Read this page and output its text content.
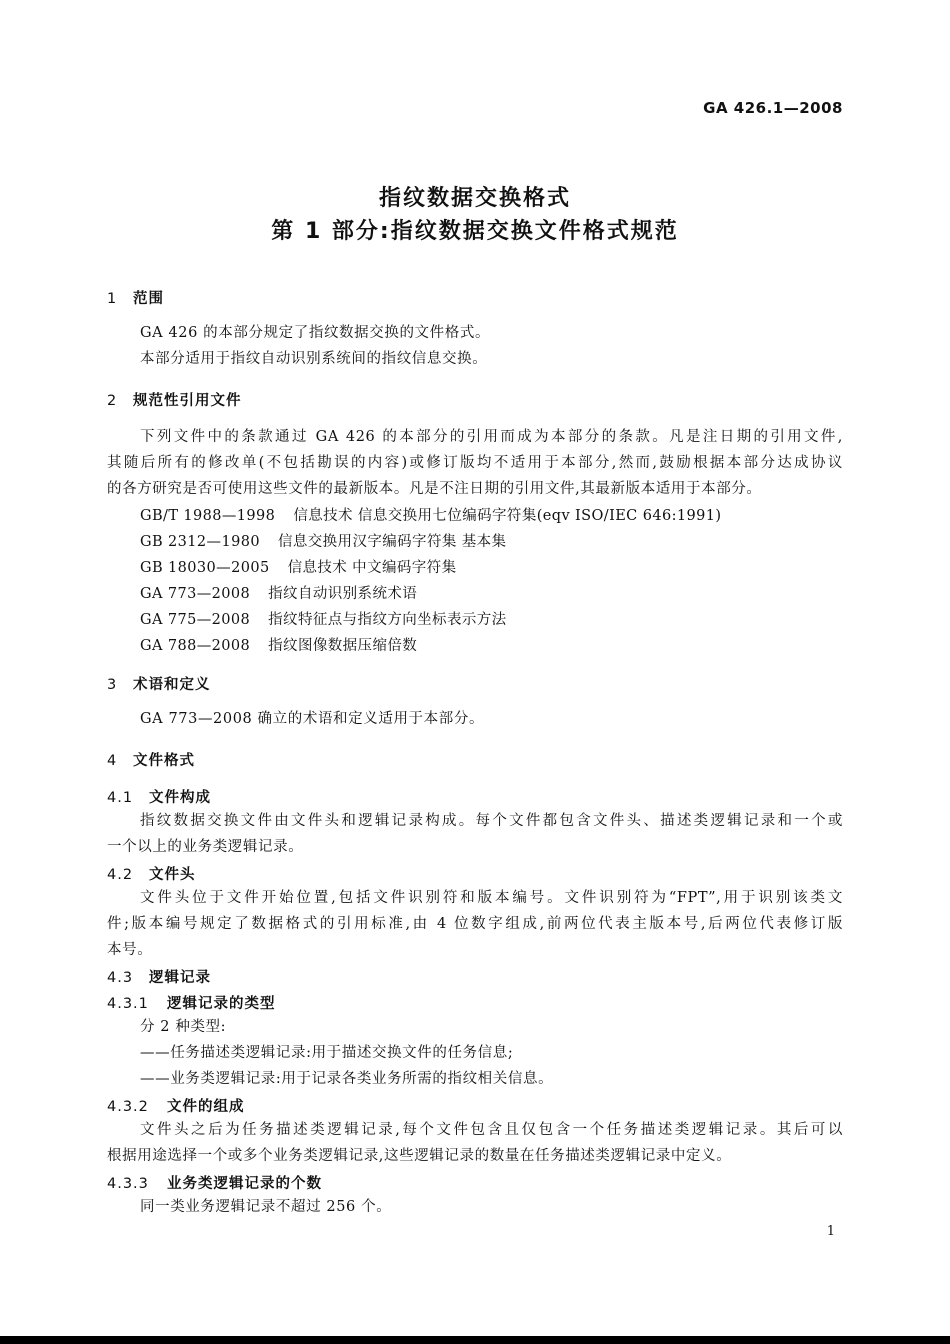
GA 426.1—2008
指纹数据交换格式
第 1 部分:指纹数据交换文件格式规范
1 范围
GA 426 的本部分规定了指纹数据交换的文件格式。
本部分适用于指纹自动识别系统间的指纹信息交换。
2 规范性引用文件
下列文件中的条款通过 GA 426 的本部分的引用而成为本部分的条款。凡是注日期的引用文件,
其随后所有的修改单(不包括勘误的内容)或修订版均不适用于本部分,然而,鼓励根据本部分达成协议
的各方研究是否可使用这些文件的最新版本。凡是不注日期的引用文件,其最新版本适用于本部分。
GB/T 1988—1998 信息技术 信息交换用七位编码字符集(eqv ISO/IEC 646:1991)
GB 2312—1980 信息交换用汉字编码字符集 基本集
GB 18030—2005 信息技术 中文编码字符集
GA 773—2008 指纹自动识别系统术语
GA 775—2008 指纹特征点与指纹方向坐标表示方法
GA 788—2008 指纹图像数据压缩倍数
3 术语和定义
GA 773—2008 确立的术语和定义适用于本部分。
4 文件格式
4.1 文件构成
指纹数据交换文件由文件头和逻辑记录构成。每个文件都包含文件头、描述类逻辑记录和一个或
一个以上的业务类逻辑记录。
4.2 文件头
文件头位于文件开始位置,包括文件识别符和版本编号。文件识别符为“FPT”,用于识别该类文
件;版本编号规定了数据格式的引用标准,由 4 位数字组成,前两位代表主版本号,后两位代表修订版
本号。
4.3 逻辑记录
4.3.1 逻辑记录的类型
分 2 种类型:
——任务描述类逻辑记录:用于描述交换文件的任务信息;
——业务类逻辑记录:用于记录各类业务所需的指纹相关信息。
4.3.2 文件的组成
文件头之后为任务描述类逻辑记录,每个文件包含且仅包含一个任务描述类逻辑记录。其后可以
根据用途选择一个或多个业务类逻辑记录,这些逻辑记录的数量在任务描述类逻辑记录中定义。
4.3.3 业务类逻辑记录的个数
同一类业务逻辑记录不超过 256 个。
1
